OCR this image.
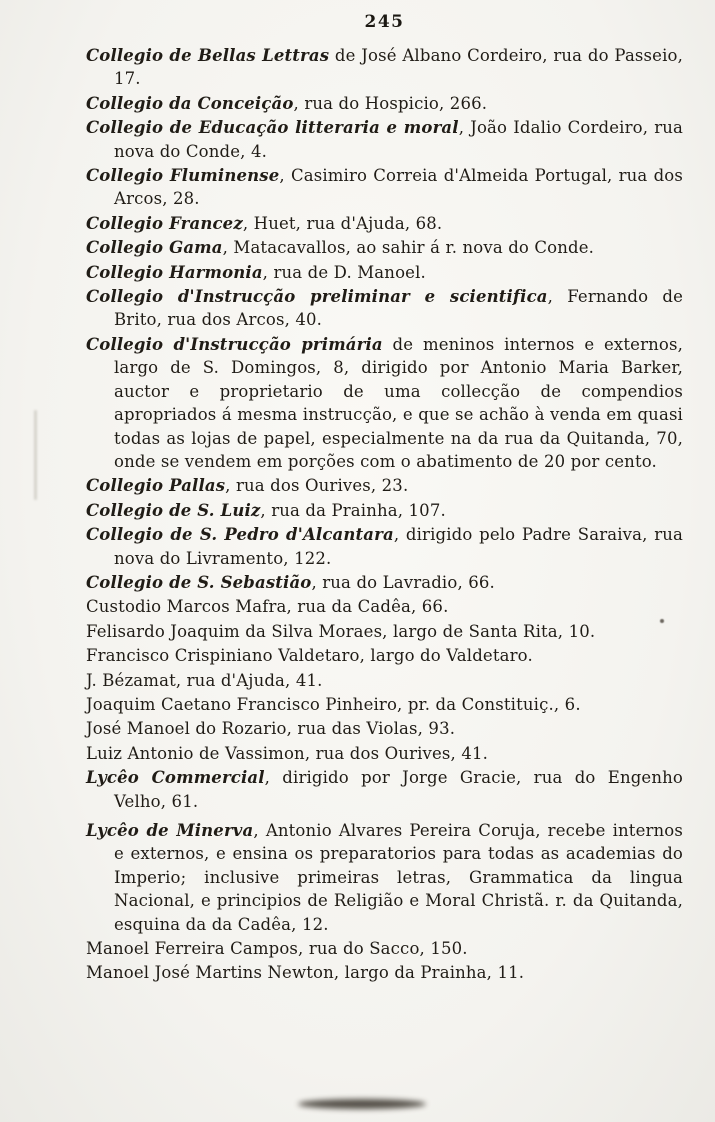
245
Collegio de Bellas Lettras de José Albano Cordeiro, rua do Passeio, 17.
Collegio da Conceição, rua do Hospicio, 266.
Collegio de Educação litteraria e moral, João Idalio Cordeiro, rua nova do Conde, 4.
Collegio Fluminense, Casimiro Correia d'Almeida Portugal, rua dos Arcos, 28.
Collegio Francez, Huet, rua d'Ajuda, 68.
Collegio Gama, Matacavallos, ao sahir á r. nova do Conde.
Collegio Harmonia, rua de D. Manoel.
Collegio d'Instrucção preliminar e scientifica, Fernando de Brito, rua dos Arcos, 40.
Collegio d'Instrucção primária de meninos internos e externos, largo de S. Domingos, 8, dirigido por Antonio Maria Barker, auctor e proprietario de uma collecção de compendios apropriados á mesma instrucção, e que se achão à venda em quasi todas as lojas de papel, especialmente na da rua da Quitanda, 70, onde se vendem em porções com o abatimento de 20 por cento.
Collegio Pallas, rua dos Ourives, 23.
Collegio de S. Luiz, rua da Prainha, 107.
Collegio de S. Pedro d'Alcantara, dirigido pelo Padre Saraiva, rua nova do Livramento, 122.
Collegio de S. Sebastião, rua do Lavradio, 66.
Custodio Marcos Mafra, rua da Cadêa, 66.
Felisardo Joaquim da Silva Moraes, largo de Santa Rita, 10.
Francisco Crispiniano Valdetaro, largo do Valdetaro.
J. Bézamat, rua d'Ajuda, 41.
Joaquim Caetano Francisco Pinheiro, pr. da Constituiç., 6.
José Manoel do Rozario, rua das Violas, 93.
Luiz Antonio de Vassimon, rua dos Ourives, 41.
Lycêo Commercial, dirigido por Jorge Gracie, rua do Engenho Velho, 61.
Lycêo de Minerva, Antonio Alvares Pereira Coruja, recebe internos e externos, e ensina os preparatorios para todas as academias do Imperio; inclusive primeiras letras, Grammatica da lingua Nacional, e principios de Religião e Moral Christã. r. da Quitanda, esquina da da Cadêa, 12.
Manoel Ferreira Campos, rua do Sacco, 150.
Manoel José Martins Newton, largo da Prainha, 11.
